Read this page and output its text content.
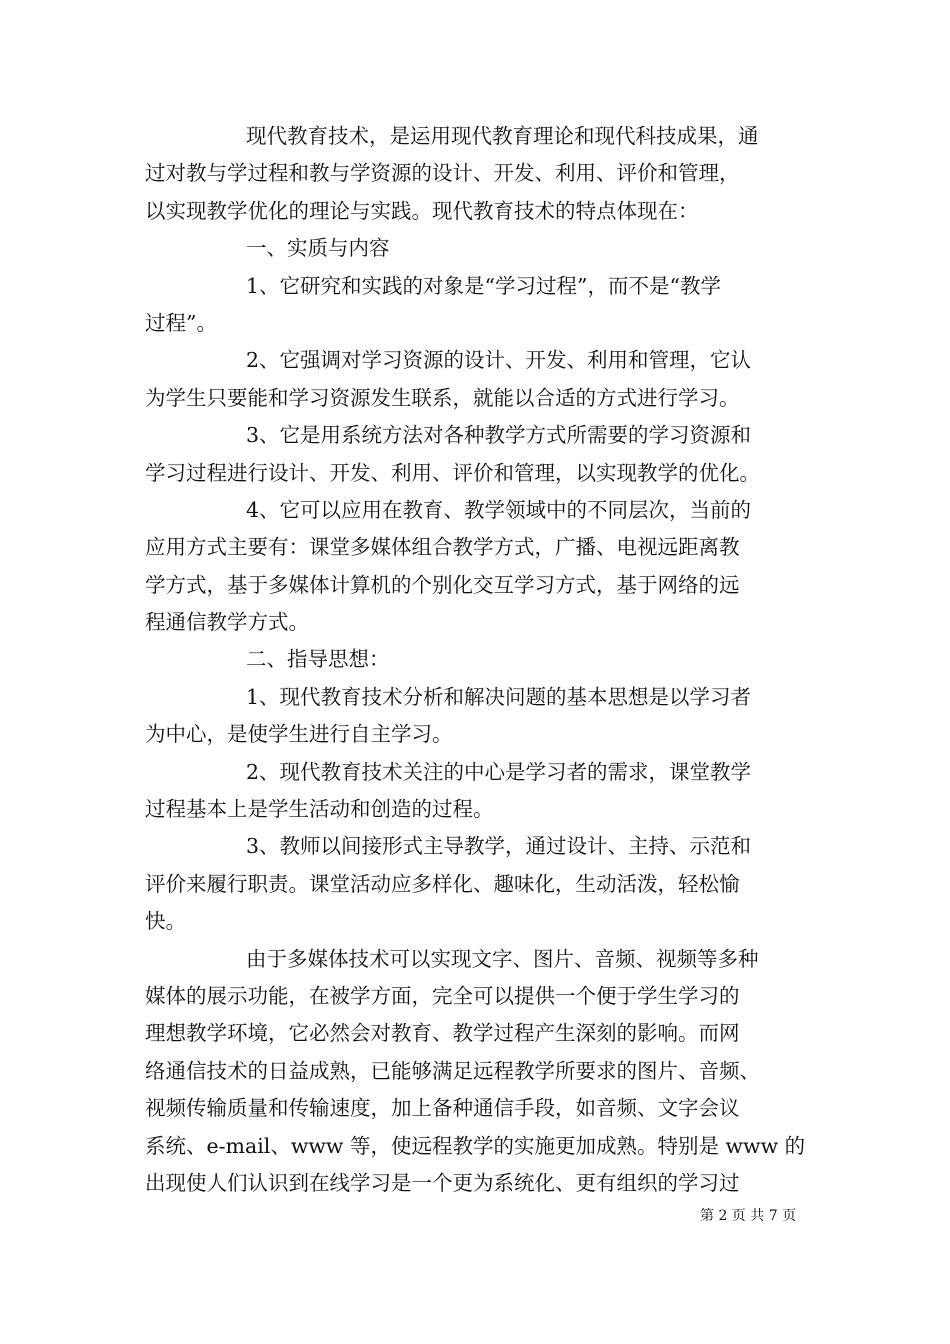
现代教育技术，是运用现代教育理论和现代科技成果，通
过对教与学过程和教与学资源的设计、开发、利用、评价和管理，
以实现教学优化的理论与实践。现代教育技术的特点体现在：
一、实质与内容
1、它研究和实践的对象是“学习过程”，而不是“教学
过程”。
2、它强调对学习资源的设计、开发、利用和管理，它认
为学生只要能和学习资源发生联系，就能以合适的方式进行学习。
3、它是用系统方法对各种教学方式所需要的学习资源和
学习过程进行设计、开发、利用、评价和管理，以实现教学的优化。
4、它可以应用在教育、教学领域中的不同层次，当前的
应用方式主要有：课堂多媒体组合教学方式，广播、电视远距离教
学方式，基于多媒体计算机的个别化交互学习方式，基于网络的远
程通信教学方式。
二、指导思想：
1、现代教育技术分析和解决问题的基本思想是以学习者
为中心，是使学生进行自主学习。
2、现代教育技术关注的中心是学习者的需求，课堂教学
过程基本上是学生活动和创造的过程。
3、教师以间接形式主导教学，通过设计、主持、示范和
评价来履行职责。课堂活动应多样化、趣味化，生动活泼，轻松愉
快。
由于多媒体技术可以实现文字、图片、音频、视频等多种
媒体的展示功能，在被学方面，完全可以提供一个便于学生学习的
理想教学环境，它必然会对教育、教学过程产生深刻的影响。而网
络通信技术的日益成熟，已能够满足远程教学所要求的图片、音频、
视频传输质量和传输速度，加上备种通信手段，如音频、文字会议
系统、e-mail、www 等，使远程教学的实施更加成熟。特别是 www 的
出现使人们认识到在线学习是一个更为系统化、更有组织的学习过
第 2 页 共 7 页
